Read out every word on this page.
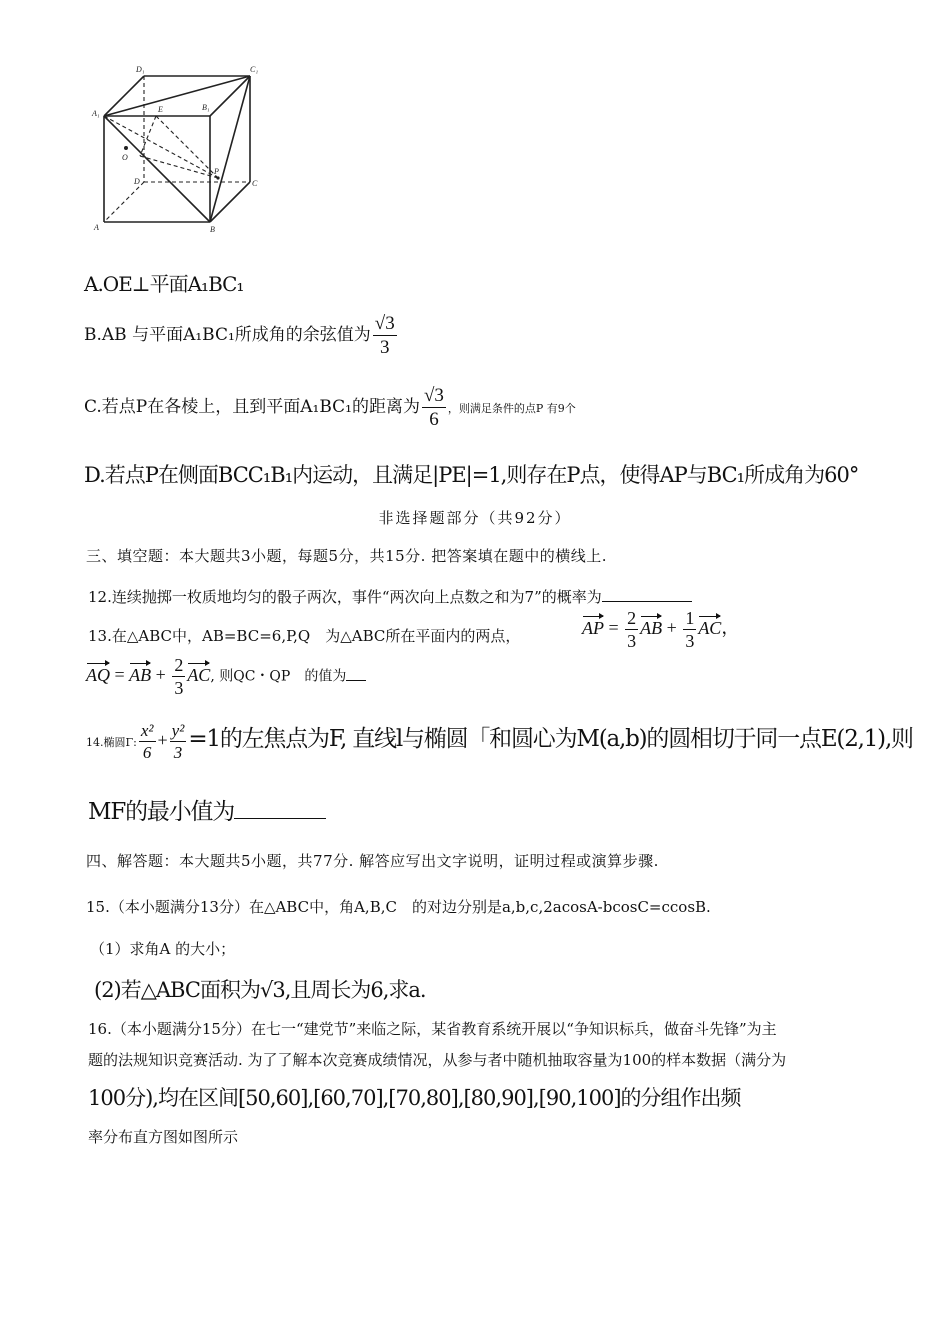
D₁	C₁
A₁
B₁
E
O
P
D	C
A	B
A.OE⊥平面A₁BC₁
B.AB 与平面A₁BC₁所成角的余弦值为 $\frac{√3}{3}$
C.若点P在各棱上，且到平面A₁BC₁的距离为 $\frac{√3}{6}$ ，则满足条件的点P 有9个
D.若点P在侧面BCC₁B₁内运动，且满足|PE|=1,则存在P点，使得AP与BC₁所成角为60°
非选择题部分（共92分）
三、填空题：本大题共3小题，每题5分，共15分. 把答案填在题中的横线上.
12.连续抛掷一枚质地均匀的骰子两次，事件“两次向上点数之和为7”的概率为
13.在△ABC中，AB=BC=6,P,Q　为△ABC所在平面内的两点，	AP = $\frac{2}{3}$ AB + $\frac{1}{3}$ AC，
AQ = AB + $\frac{2}{3}$ AC, 则QC・QP　的值为
14.椭圆Γ: $\frac{\text{x²}}{6} + \frac{\text{y²}}{3} =1$的左焦点为F, 直线l与椭圆「和圆心为M(a,b)的圆相切于同一点E(2,1),则
MF的最小值为
四、解答题：本大题共5小题，共77分. 解答应写出文字说明，证明过程或演算步骤.
15.（本小题满分13分）在△ABC中，角A,B,C　的对边分别是a,b,c,2acosA-bcosC=ccosB.
（1）求角A 的大小；
(2)若△ABC面积为√3,且周长为6,求a.
16.（本小题满分15分）在七一“建党节”来临之际，某省教育系统开展以“争知识标兵，做奋斗先锋”为主
题的法规知识竞赛活动. 为了了解本次竞赛成绩情况，从参与者中随机抽取容量为100的样本数据（满分为
100分),均在区间[50,60],[60,70],[70,80],[80,90],[90,100]的分组作出频
率分布直方图如图所示
